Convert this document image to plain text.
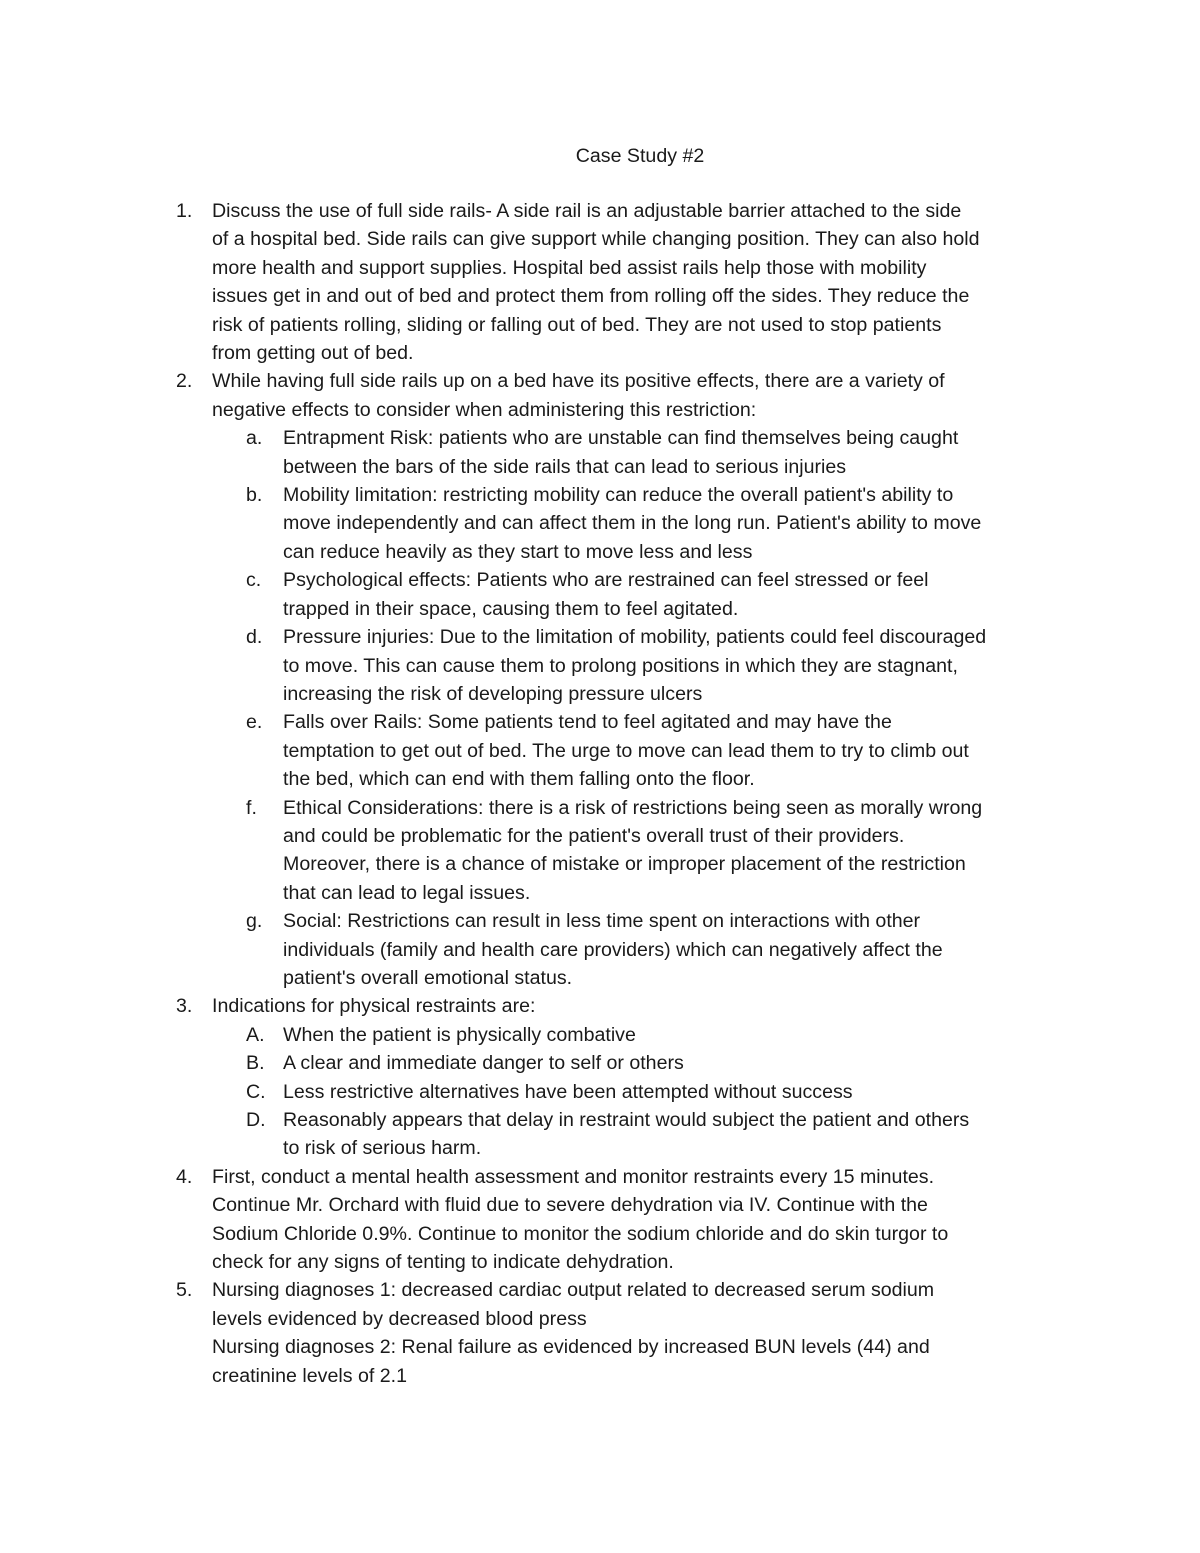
Case Study #2
1. Discuss the use of full side rails- A side rail is an adjustable barrier attached to the side
of a hospital bed. Side rails can give support while changing position. They can also hold
more health and support supplies. Hospital bed assist rails help those with mobility
issues get in and out of bed and protect them from rolling off the sides. They reduce the
risk of patients rolling, sliding or falling out of bed. They are not used to stop patients
from getting out of bed.
2. While having full side rails up on a bed have its positive effects, there are a variety of
negative effects to consider when administering this restriction:
a. Entrapment Risk: patients who are unstable can find themselves being caught
between the bars of the side rails that can lead to serious injuries
b. Mobility limitation: restricting mobility can reduce the overall patient's ability to
move independently and can affect them in the long run. Patient's ability to move
can reduce heavily as they start to move less and less
c. Psychological effects: Patients who are restrained can feel stressed or feel
trapped in their space, causing them to feel agitated.
d. Pressure injuries: Due to the limitation of mobility, patients could feel discouraged
to move. This can cause them to prolong positions in which they are stagnant,
increasing the risk of developing pressure ulcers
e. Falls over Rails: Some patients tend to feel agitated and may have the
temptation to get out of bed. The urge to move can lead them to try to climb out
the bed, which can end with them falling onto the floor.
f. Ethical Considerations: there is a risk of restrictions being seen as morally wrong
and could be problematic for the patient's overall trust of their providers.
Moreover, there is a chance of mistake or improper placement of the restriction
that can lead to legal issues.
g. Social: Restrictions can result in less time spent on interactions with other
individuals (family and health care providers) which can negatively affect the
patient's overall emotional status.
3. Indications for physical restraints are:
A. When the patient is physically combative
B. A clear and immediate danger to self or others
C. Less restrictive alternatives have been attempted without success
D. Reasonably appears that delay in restraint would subject the patient and others
to risk of serious harm.
4. First, conduct a mental health assessment and monitor restraints every 15 minutes.
Continue Mr. Orchard with fluid due to severe dehydration via IV. Continue with the
Sodium Chloride 0.9%. Continue to monitor the sodium chloride and do skin turgor to
check for any signs of tenting to indicate dehydration.
5. Nursing diagnoses 1: decreased cardiac output related to decreased serum sodium
levels evidenced by decreased blood press
Nursing diagnoses 2: Renal failure as evidenced by increased BUN levels (44) and
creatinine levels of 2.1
